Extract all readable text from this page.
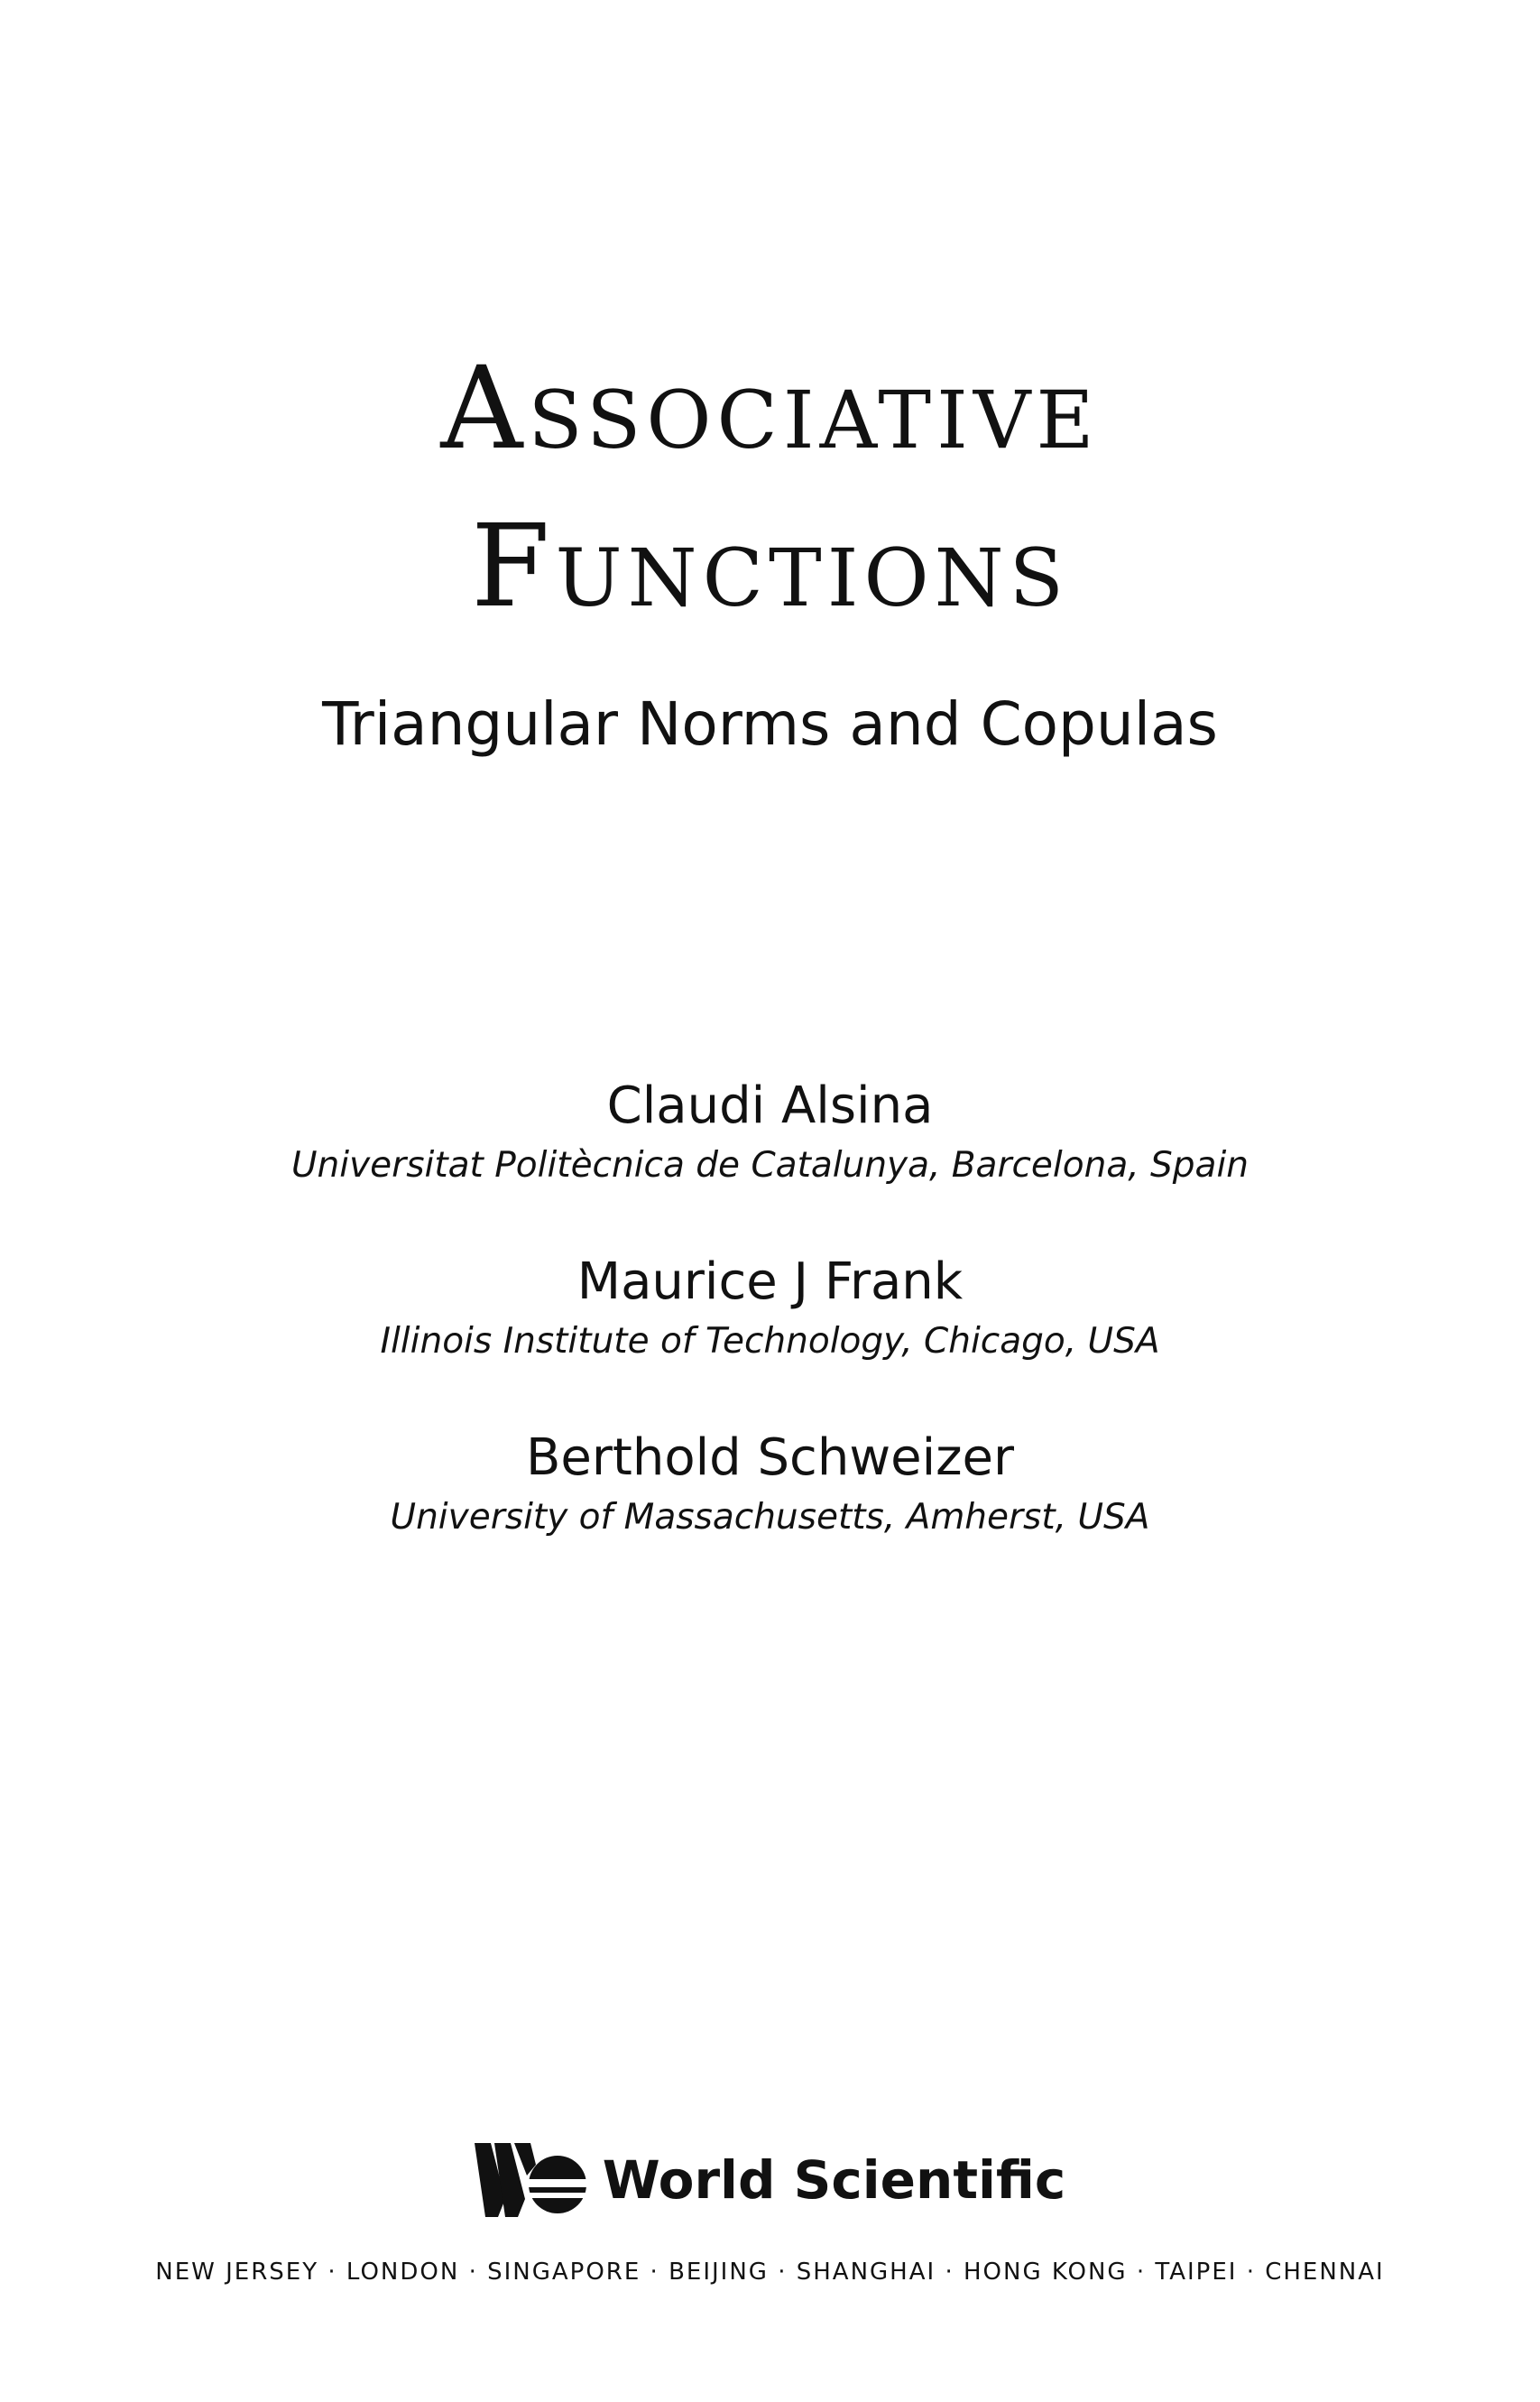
Associative
Functions
Triangular Norms and Copulas
Claudi Alsina
Universitat Politècnica de Catalunya, Barcelona, Spain
Maurice J Frank
Illinois Institute of Technology, Chicago, USA
Berthold Schweizer
University of Massachusetts, Amherst, USA
World Scientific
NEW JERSEY · LONDON · SINGAPORE · BEIJING · SHANGHAI · HONG KONG · TAIPEI · CHENNAI
